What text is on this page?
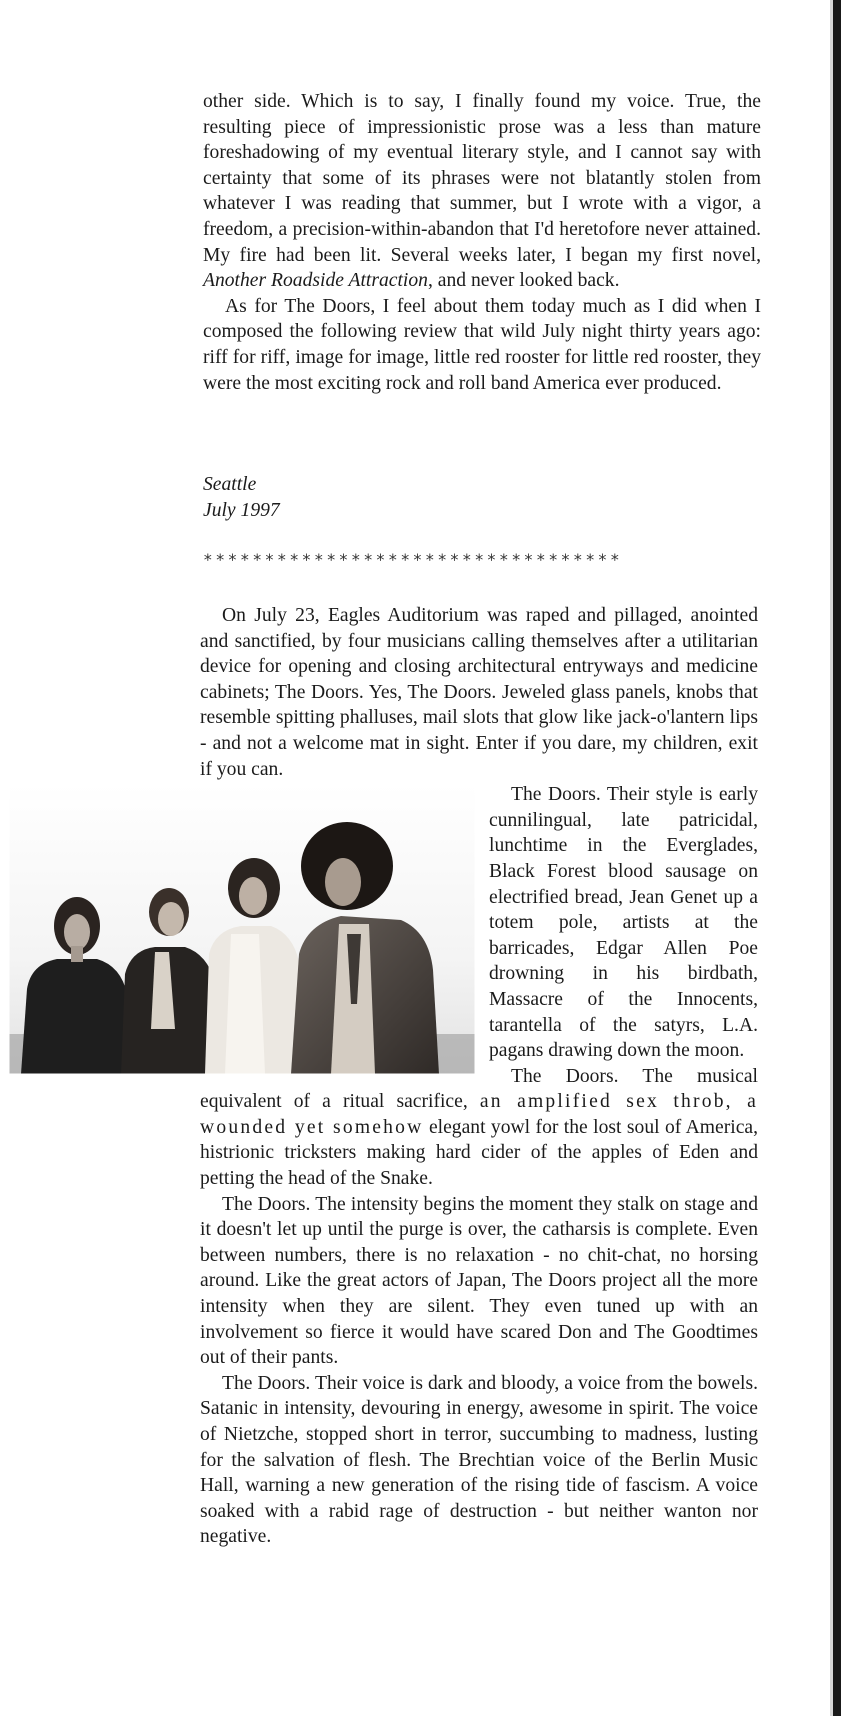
other side. Which is to say, I finally found my voice. True, the resulting piece of impressionistic prose was a less than mature foreshadowing of my eventual literary style, and I cannot say with certainty that some of its phrases were not blatantly stolen from whatever I was reading that summer, but I wrote with a vigor, a freedom, a precision-within-abandon that I'd heretofore never attained. My fire had been lit. Several weeks later, I began my first novel, Another Roadside Attraction, and never looked back.

As for The Doors, I feel about them today much as I did when I composed the following review that wild July night thirty years ago: riff for riff, image for image, little red rooster for little red rooster, they were the most exciting rock and roll band America ever produced.

Seattle
July 1997
**********************************

On July 23, Eagles Auditorium was raped and pillaged, anointed and sanctified, by four musicians calling themselves after a utilitarian device for opening and closing architectural entryways and medicine cabinets; The Doors. Yes, The Doors. Jeweled glass panels, knobs that resemble spitting phalluses, mail slots that glow like jack-o'lantern lips - and not a welcome mat in sight. Enter if you dare, my children, exit if you can.

The Doors. Their style is early cunnilingual, late patricidal, lunchtime in the Everglades, Black Forest blood sausage on electrified bread, Jean Genet up a totem pole, artists at the barricades, Edgar Allen Poe drowning in his birdbath, Massacre of the Innocents, tarantella of the satyrs, L.A. pagans drawing down the moon.

The Doors. The musical equivalent of a ritual sacrifice, an amplified sex throb, a wounded yet somehow elegant yowl for the lost soul of America, histrionic tricksters making hard cider of the apples of Eden and petting the head of the Snake.

The Doors. The intensity begins the moment they stalk on stage and it doesn't let up until the purge is over, the catharsis is complete. Even between numbers, there is no relaxation - no chit-chat, no horsing around. Like the great actors of Japan, The Doors project all the more intensity when they are silent. They even tuned up with an involvement so fierce it would have scared Don and The Goodtimes out of their pants.

The Doors. Their voice is dark and bloody, a voice from the bowels. Satanic in intensity, devouring in energy, awesome in spirit. The voice of Nietzche, stopped short in terror, succumbing to madness, lusting for the salvation of flesh. The Brechtian voice of the Berlin Music Hall, warning a new generation of the rising tide of fascism. A voice soaked with a rabid rage of destruction - but neither wanton nor negative.
